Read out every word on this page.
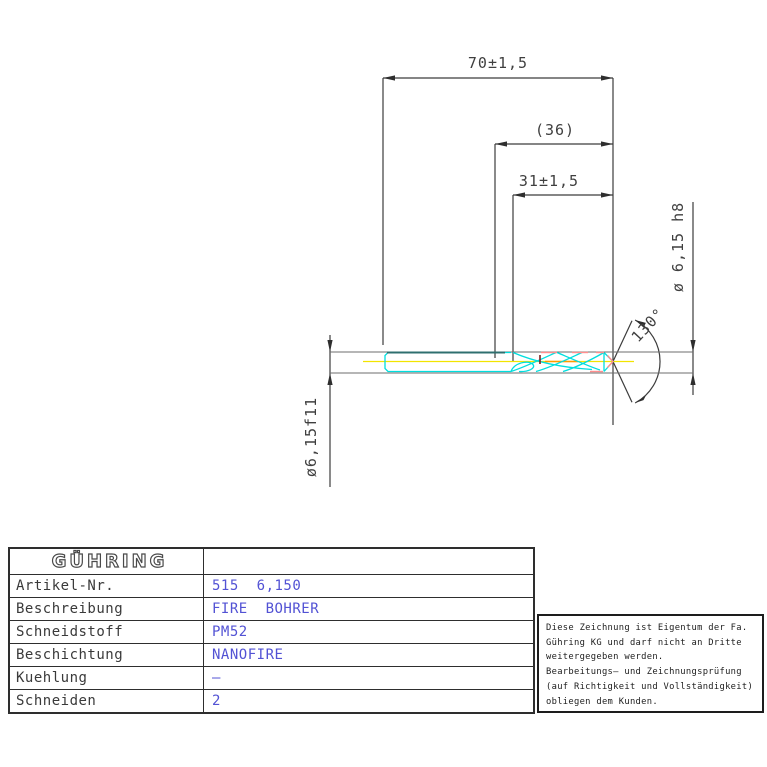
70±1,5
(36)
31±1,5
ø 6,15 h8
ø6,15f11
130°
GÜHRING
Artikel-Nr.	515  6,150
Beschreibung	FIRE  BOHRER
Schneidstoff	PM52
Beschichtung	NANOFIRE
Kuehlung	–
Schneiden	2
Diese Zeichnung ist Eigentum der Fa.
Gühring KG und darf nicht an Dritte
weitergegeben werden.
Bearbeitungs– und Zeichnungsprüfung
(auf Richtigkeit und Vollständigkeit)
obliegen dem Kunden.
